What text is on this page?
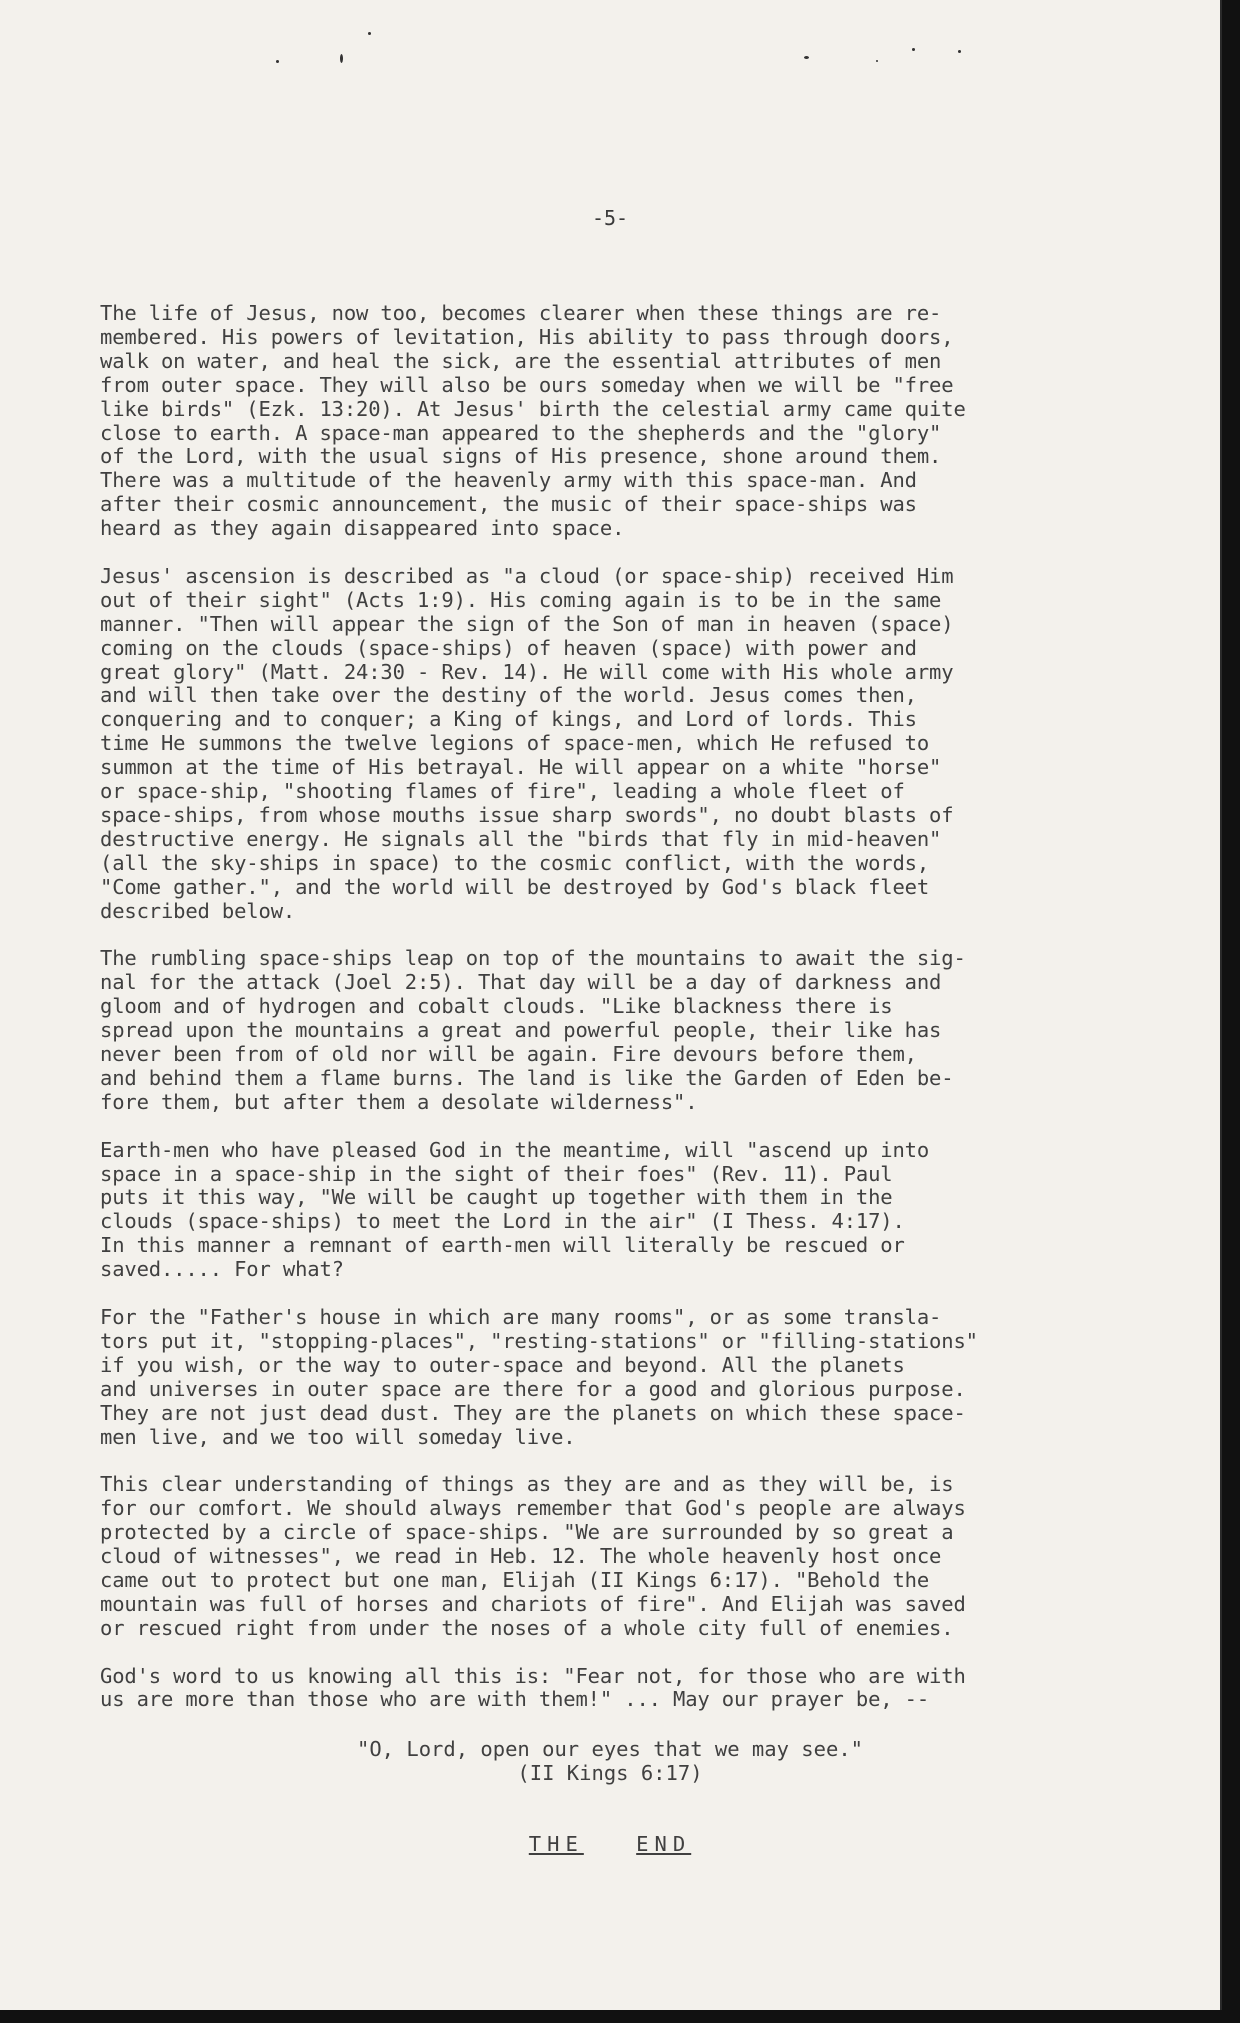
-5-
The life of Jesus, now too, becomes clearer when these things are re-
membered. His powers of levitation, His ability to pass through doors,
walk on water, and heal the sick, are the essential attributes of men
from outer space. They will also be ours someday when we will be "free
like birds" (Ezk. 13:20). At Jesus' birth the celestial army came quite
close to earth. A space-man appeared to the shepherds and the "glory"
of the Lord, with the usual signs of His presence, shone around them.
There was a multitude of the heavenly army with this space-man. And
after their cosmic announcement, the music of their space-ships was
heard as they again disappeared into space.
Jesus' ascension is described as "a cloud (or space-ship) received Him
out of their sight" (Acts 1:9). His coming again is to be in the same
manner. "Then will appear the sign of the Son of man in heaven (space)
coming on the clouds (space-ships) of heaven (space) with power and
great glory" (Matt. 24:30 - Rev. 14). He will come with His whole army
and will then take over the destiny of the world. Jesus comes then,
conquering and to conquer; a King of kings, and Lord of lords. This
time He summons the twelve legions of space-men, which He refused to
summon at the time of His betrayal. He will appear on a white "horse"
or space-ship, "shooting flames of fire", leading a whole fleet of
space-ships, from whose mouths issue sharp swords", no doubt blasts of
destructive energy. He signals all the "birds that fly in mid-heaven"
(all the sky-ships in space) to the cosmic conflict, with the words,
"Come gather.", and the world will be destroyed by God's black fleet
described below.
The rumbling space-ships leap on top of the mountains to await the sig-
nal for the attack (Joel 2:5). That day will be a day of darkness and
gloom and of hydrogen and cobalt clouds. "Like blackness there is
spread upon the mountains a great and powerful people, their like has
never been from of old nor will be again. Fire devours before them,
and behind them a flame burns. The land is like the Garden of Eden be-
fore them, but after them a desolate wilderness".
Earth-men who have pleased God in the meantime, will "ascend up into
space in a space-ship in the sight of their foes" (Rev. 11). Paul
puts it this way, "We will be caught up together with them in the
clouds (space-ships) to meet the Lord in the air" (I Thess. 4:17).
In this manner a remnant of earth-men will literally be rescued or
saved..... For what?
For the "Father's house in which are many rooms", or as some transla-
tors put it, "stopping-places", "resting-stations" or "filling-stations"
if you wish, or the way to outer-space and beyond. All the planets
and universes in outer space are there for a good and glorious purpose.
They are not just dead dust. They are the planets on which these space-
men live, and we too will someday live.
This clear understanding of things as they are and as they will be, is
for our comfort. We should always remember that God's people are always
protected by a circle of space-ships. "We are surrounded by so great a
cloud of witnesses", we read in Heb. 12. The whole heavenly host once
came out to protect but one man, Elijah (II Kings 6:17). "Behold the
mountain was full of horses and chariots of fire". And Elijah was saved
or rescued right from under the noses of a whole city full of enemies.
God's word to us knowing all this is: "Fear not, for those who are with
us are more than those who are with them!" ... May our prayer be, --
"O, Lord, open our eyes that we may see."
(II Kings 6:17)
THE	END
